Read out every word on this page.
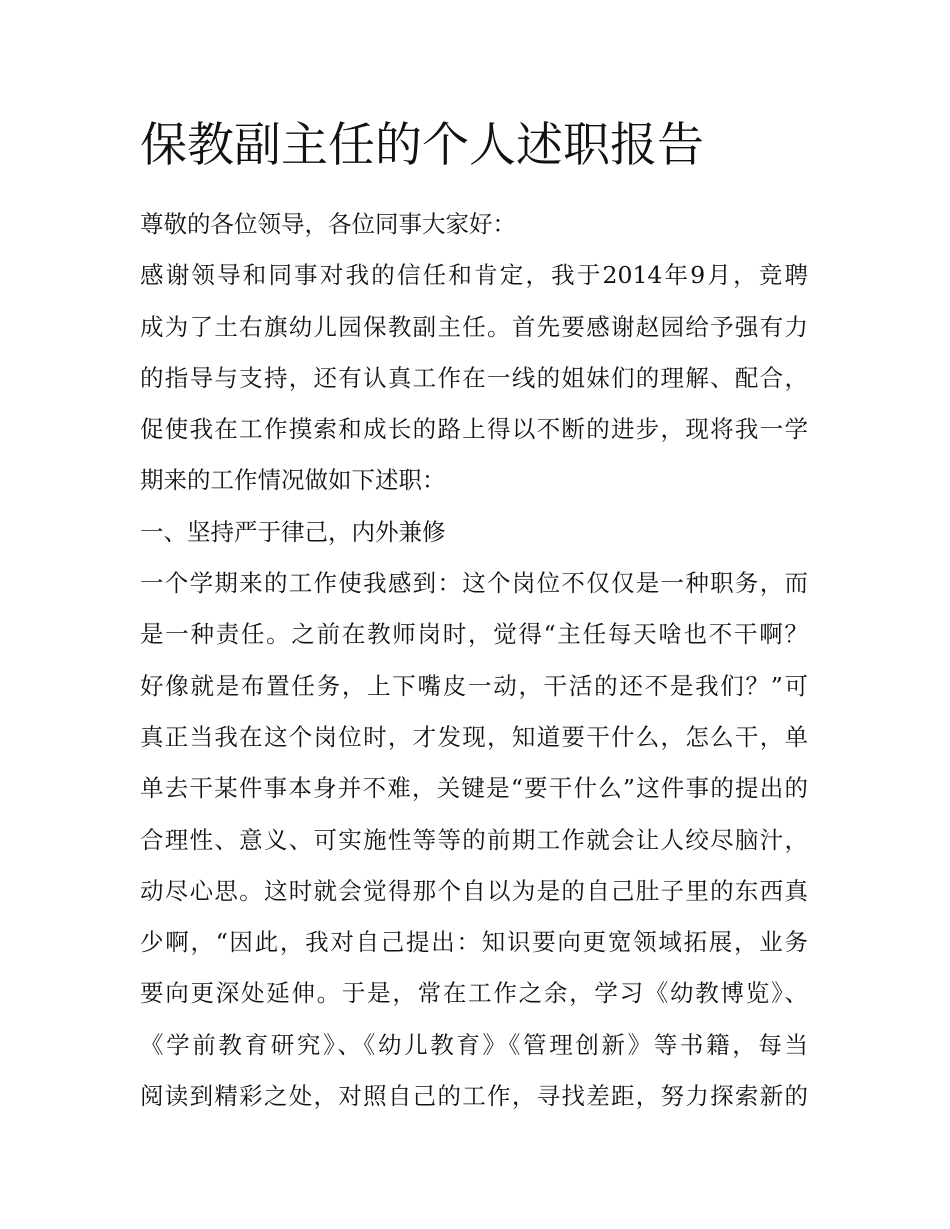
保教副主任的个人述职报告
尊敬的各位领导，各位同事大家好：
感谢领导和同事对我的信任和肯定，我于2014年9月，竞聘
成为了土右旗幼儿园保教副主任。首先要感谢赵园给予强有力
的指导与支持，还有认真工作在一线的姐妹们的理解、配合，
促使我在工作摸索和成长的路上得以不断的进步，现将我一学
期来的工作情况做如下述职：
一、坚持严于律己，内外兼修
一个学期来的工作使我感到：这个岗位不仅仅是一种职务，而
是一种责任。之前在教师岗时，觉得“主任每天啥也不干啊？
好像就是布置任务，上下嘴皮一动，干活的还不是我们？”可
真正当我在这个岗位时，才发现，知道要干什么，怎么干，单
单去干某件事本身并不难，关键是“要干什么”这件事的提出的
合理性、意义、可实施性等等的前期工作就会让人绞尽脑汁，
动尽心思。这时就会觉得那个自以为是的自己肚子里的东西真
少啊，“因此，我对自己提出：知识要向更宽领域拓展，业务
要向更深处延伸。于是，常在工作之余，学习《幼教博览》、
《学前教育研究》、《幼儿教育》《管理创新》等书籍，每当
阅读到精彩之处，对照自己的工作，寻找差距，努力探索新的
